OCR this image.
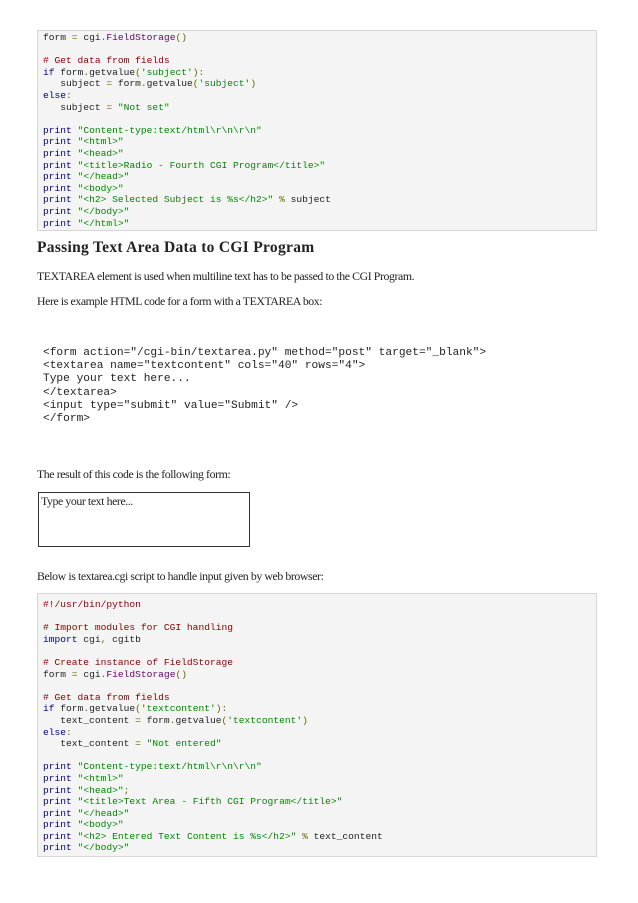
form = cgi.FieldStorage()
# Get data from fields
if form.getvalue('subject'):
subject = form.getvalue('subject')
else:
subject = "Not set"
print "Content-type:text/html\r\n\r\n"
print "<html>"
print "<head>"
print "<title>Radio - Fourth CGI Program</title>"
print "</head>"
print "<body>"
print "<h2> Selected Subject is %s</h2>" % subject
print "</body>"
print "</html>"
Passing Text Area Data to CGI Program

TEXTAREA element is used when multiline text has to be passed to the CGI Program.

Here is example HTML code for a form with a TEXTAREA box:

<form action="/cgi-bin/textarea.py" method="post" target="_blank">
<textarea name="textcontent" cols="40" rows="4">
Type your text here...
</textarea>
<input type="submit" value="Submit" />
</form>

The result of this code is the following form:

Type your text here...

Below is textarea.cgi script to handle input given by web browser:

#!/usr/bin/python
# Import modules for CGI handling
import cgi, cgitb
# Create instance of FieldStorage
form = cgi.FieldStorage()
# Get data from fields
if form.getvalue('textcontent'):
text_content = form.getvalue('textcontent')
else:
text_content = "Not entered"
print "Content-type:text/html\r\n\r\n"
print "<html>"
print "<head>";
print "<title>Text Area - Fifth CGI Program</title>"
print "</head>"
print "<body>"
print "<h2> Entered Text Content is %s</h2>" % text_content
print "</body>"
